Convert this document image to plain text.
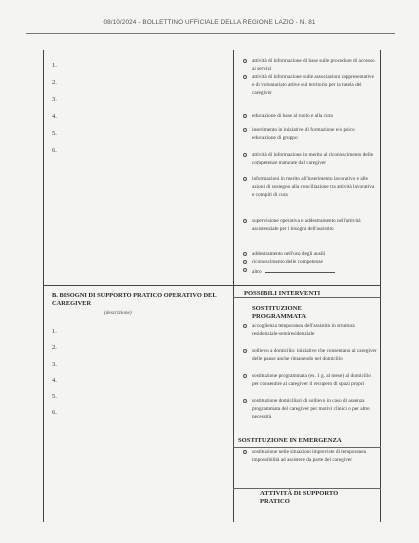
08/10/2024 - BOLLETTINO UFFICIALE DELLA REGIONE LAZIO - N. 81
1.
2.
3.
4.
5.
6.
attività di informazione di base sulle procedure di accesso ai servizi
attività di informazione sulle associazioni rappresentative e di volontariato attive sul territorio per la tutela del caregiver
educazione di base al ruolo e alla cura
inserimento in iniziative di formazione e/o psico educazione di gruppo
attività di informazione in merito al riconoscimento delle competenze maturate dal caregiver
informazioni in merito all'inserimento lavorativo e alle azioni di sostegno alla conciliazione tra attività lavorativa e compiti di cura
supervisione operativa e addestramento nell'attività assistenziale per i bisogni dell'assistito
addestramento nell'uso degli ausili
riconoscimento delle competenze
altro
B. BISOGNI DI SUPPORTO PRATICO OPERATIVO DEL CAREGIVER
(descrizione)
1.
2.
3.
4.
5.
6.
POSSIBILI INTERVENTI
SOSTITUZIONE PROGRAMMATA
accoglienza temporanea dell'assistito in struttura residenziale-semiresidenziale
sollievo a domicilio: iniziative che consentano al caregiver delle pause anche rimanendo nel domicilio
sostituzione programmata (es. 1 g. al mese) al domicilio per consentire al caregiver il recupero di spazi propri
sostituzione domiciliari di sollievo in caso di assenza programmata del caregiver per motivi clinici o per altre necessità
SOSTITUZIONE IN EMERGENZA
sostituzione nelle situazioni impreviste di temporanea impossibilità ad assistere da parte del caregiver
ATTIVITÀ DI SUPPORTO PRATICO
